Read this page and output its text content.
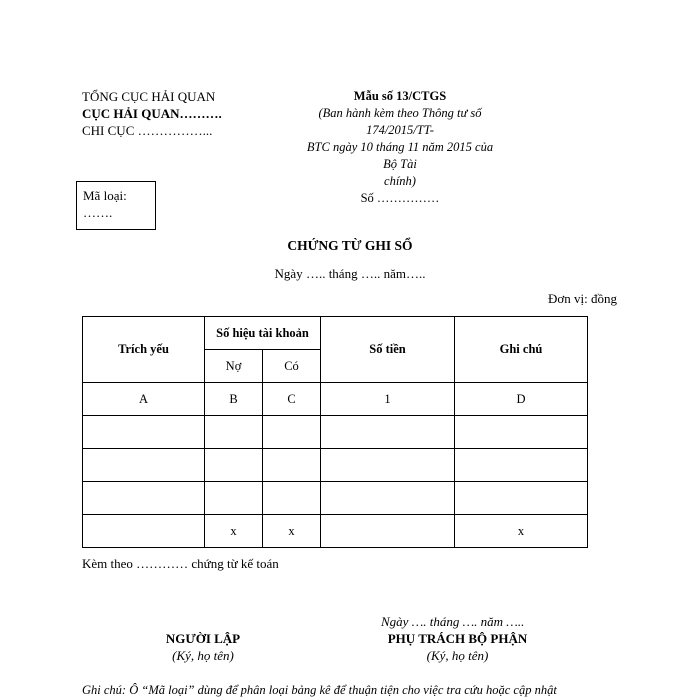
TỔNG CỤC HẢI QUAN
CỤC HẢI QUAN……….
CHI CỤC ……………...
Mẫu số 13/CTGS
(Ban hành kèm theo Thông tư số 174/2015/TT-
BTC ngày 10 tháng 11 năm 2015 của Bộ Tài
chính)
Số ……………
Mã loại:
…….
CHỨNG TỪ GHI SỔ
Ngày ….. tháng ….. năm…..
Đơn vị: đồng
Trích yếu	Số hiệu tài khoản		Số tiền	Ghi chú
	Nợ	Có		
A	B	C	1	D

	x	x		x
Kèm theo ………… chứng từ kế toán
Ngày …. tháng …. năm …..
NGƯỜI LẬP
(Ký, họ tên)
PHỤ TRÁCH BỘ PHẬN
(Ký, họ tên)
Ghi chú: Ô “Mã loại” dùng để phân loại bảng kê để thuận tiện cho việc tra cứu hoặc cập nhật
